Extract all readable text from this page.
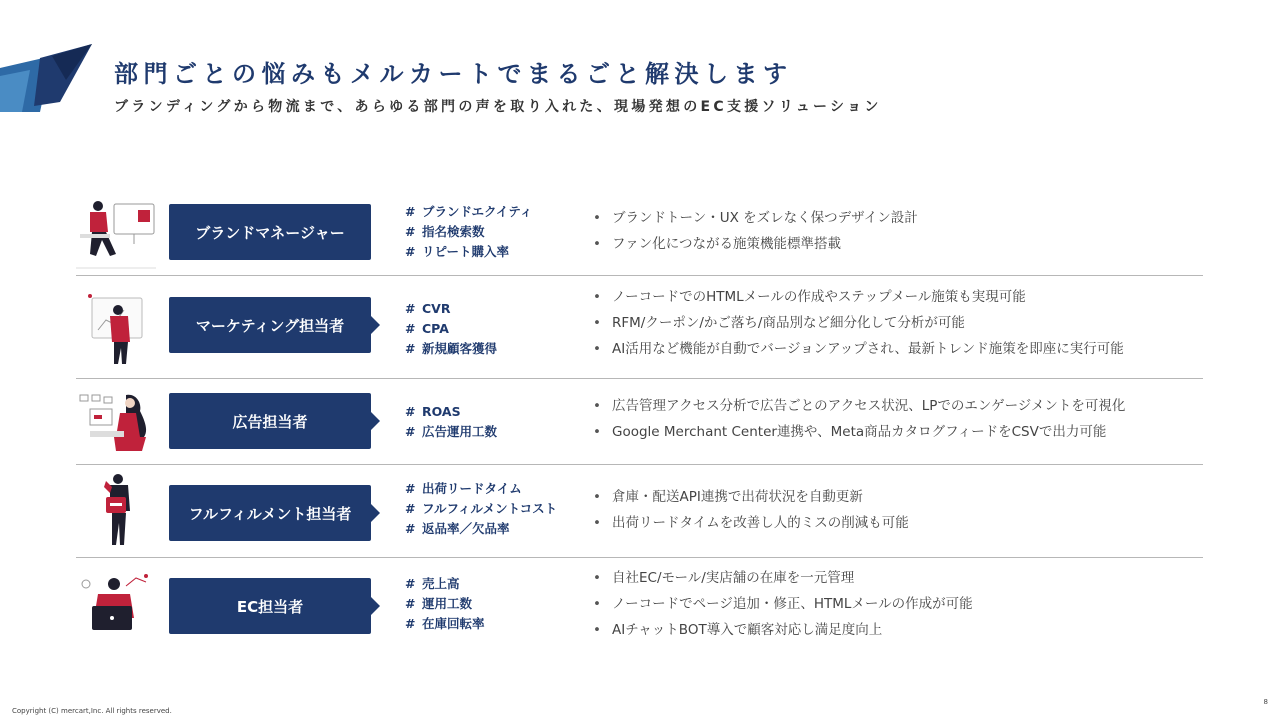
部門ごとの悩みもメルカートでまるごと解決します
ブランディングから物流まで、あらゆる部門の声を取り入れた、現場発想のEC支援ソリューション
ブランドマネージャー
# ブランドエクイティ
# 指名検索数
# リピート購入率
• ブランドトーン・UX をズレなく保つデザイン設計
• ファン化につながる施策機能標準搭載
マーケティング担当者
# CVR
# CPA
# 新規顧客獲得
• ノーコードでのHTMLメールの作成やステップメール施策も実現可能
• RFM/クーポン/かご落ち/商品別など細分化して分析が可能
• AI活用など機能が自動でバージョンアップされ、最新トレンド施策を即座に実行可能
広告担当者
# ROAS
# 広告運用工数
• 広告管理アクセス分析で広告ごとのアクセス状況、LPでのエンゲージメントを可視化
• Google Merchant Center連携や、Meta商品カタログフィードをCSVで出力可能
フルフィルメント担当者
# 出荷リードタイム
# フルフィルメントコスト
# 返品率／欠品率
• 倉庫・配送API連携で出荷状況を自動更新
• 出荷リードタイムを改善し人的ミスの削減も可能
EC担当者
# 売上高
# 運用工数
# 在庫回転率
• 自社EC/モール/実店舗の在庫を一元管理
• ノーコードでページ追加・修正、HTMLメールの作成が可能
• AIチャットBOT導入で顧客対応し満足度向上
Copyright (C) mercart,Inc. All rights reserved.
8
